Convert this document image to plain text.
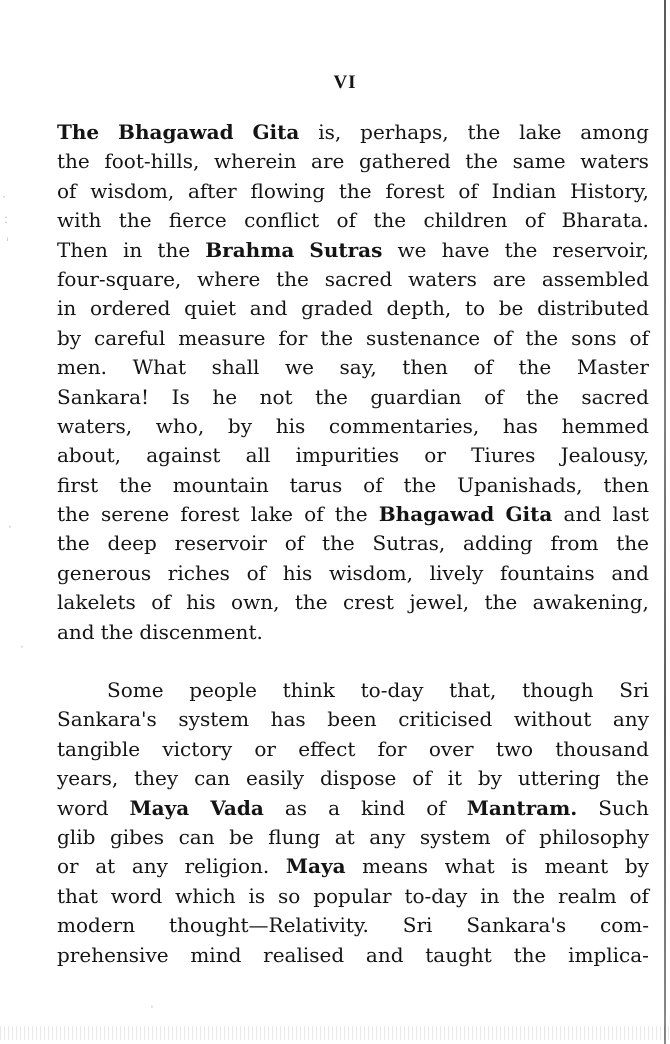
·
:
ˌ
·
·
·
VI
The Bhagawad Gita is, perhaps, the lake among
the foot-hills, wherein are gathered the same waters
of wisdom, after flowing the forest of Indian History,
with the fierce conflict of the children of Bharata.
Then in the Brahma Sutras we have the reservoir,
four-square, where the sacred waters are assembled
in ordered quiet and graded depth, to be distributed
by careful measure for the sustenance of the sons of
men. What shall we say, then of the Master
Sankara! Is he not the guardian of the sacred
waters, who, by his commentaries, has hemmed
about, against all impurities or Tiures Jealousy,
first the mountain tarus of the Upanishads, then
the serene forest lake of the Bhagawad Gita and last
the deep reservoir of the Sutras, adding from the
generous riches of his wisdom, lively fountains and
lakelets of his own, the crest jewel, the awakening,
and the discenment.
Some people think to-day that, though Sri
Sankara's system has been criticised without any
tangible victory or effect for over two thousand
years, they can easily dispose of it by uttering the
word Maya Vada as a kind of Mantram. Such
glib gibes can be flung at any system of philosophy
or at any religion. Maya means what is meant by
that word which is so popular to-day in the realm of
modern thought—Relativity. Sri Sankara's com-
prehensive mind realised and taught the implica-
